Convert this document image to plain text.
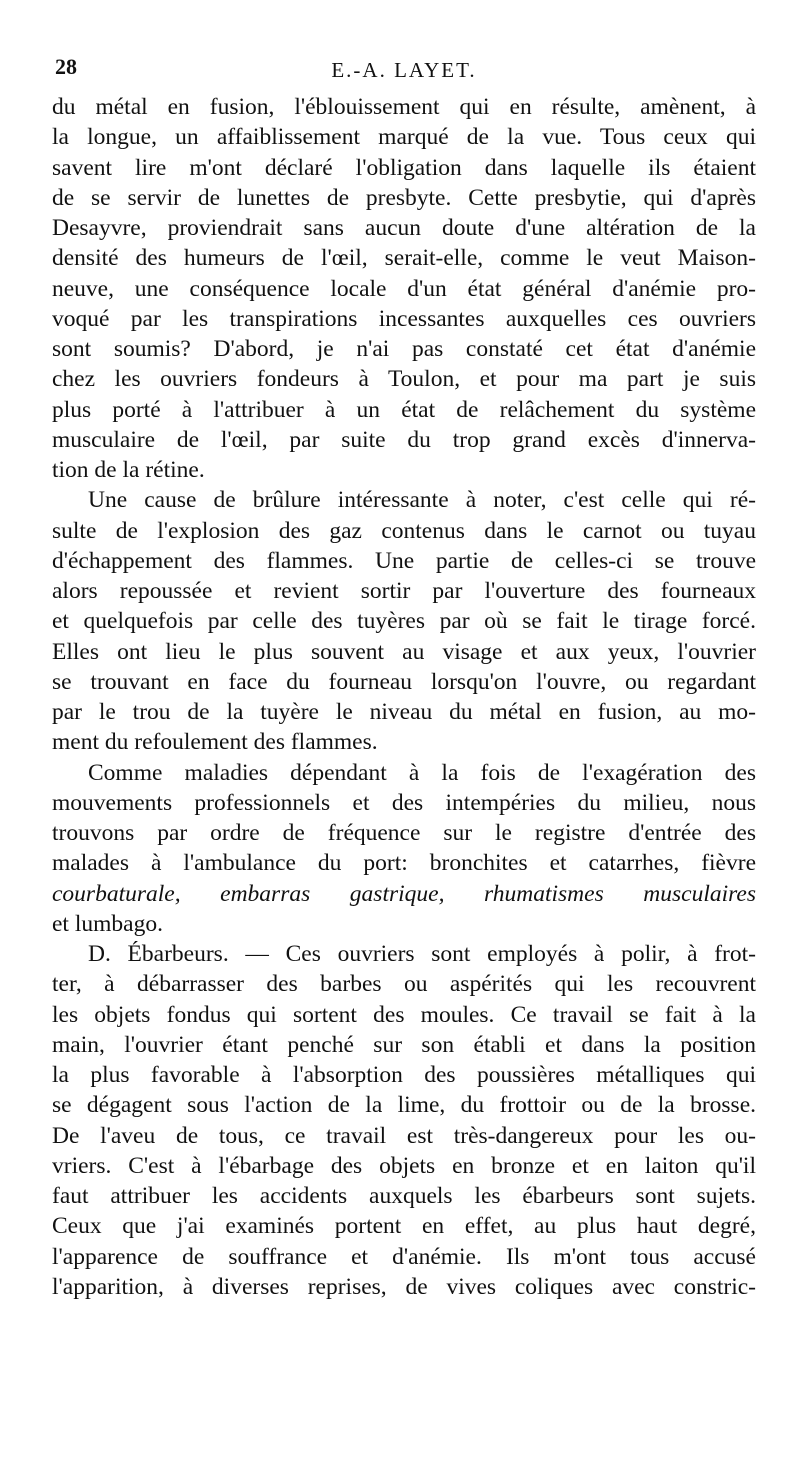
28	E.-A. LAYET.
du métal en fusion, l'éblouissement qui en résulte, amènent, à
la longue, un affaiblissement marqué de la vue. Tous ceux qui
savent lire m'ont déclaré l'obligation dans laquelle ils étaient
de se servir de lunettes de presbyte. Cette presbytie, qui d'après
Desayvre, proviendrait sans aucun doute d'une altération de la
densité des humeurs de l'œil, serait-elle, comme le veut Maison-
neuve, une conséquence locale d'un état général d'anémie pro-
voqué par les transpirations incessantes auxquelles ces ouvriers
sont soumis? D'abord, je n'ai pas constaté cet état d'anémie
chez les ouvriers fondeurs à Toulon, et pour ma part je suis
plus porté à l'attribuer à un état de relâchement du système
musculaire de l'œil, par suite du trop grand excès d'innerva-
tion de la rétine.
Une cause de brûlure intéressante à noter, c'est celle qui ré-
sulte de l'explosion des gaz contenus dans le carnot ou tuyau
d'échappement des flammes. Une partie de celles-ci se trouve
alors repoussée et revient sortir par l'ouverture des fourneaux
et quelquefois par celle des tuyères par où se fait le tirage forcé.
Elles ont lieu le plus souvent au visage et aux yeux, l'ouvrier
se trouvant en face du fourneau lorsqu'on l'ouvre, ou regardant
par le trou de la tuyère le niveau du métal en fusion, au mo-
ment du refoulement des flammes.
Comme maladies dépendant à la fois de l'exagération des
mouvements professionnels et des intempéries du milieu, nous
trouvons par ordre de fréquence sur le registre d'entrée des
malades à l'ambulance du port: bronchites et catarrhes, fièvre
courbaturale, embarras gastrique, rhumatismes musculaires
et lumbago.
D. Ébarbeurs. — Ces ouvriers sont employés à polir, à frot-
ter, à débarrasser des barbes ou aspérités qui les recouvrent
les objets fondus qui sortent des moules. Ce travail se fait à la
main, l'ouvrier étant penché sur son établi et dans la position
la plus favorable à l'absorption des poussières métalliques qui
se dégagent sous l'action de la lime, du frottoir ou de la brosse.
De l'aveu de tous, ce travail est très-dangereux pour les ou-
vriers. C'est à l'ébarbage des objets en bronze et en laiton qu'il
faut attribuer les accidents auxquels les ébarbeurs sont sujets.
Ceux que j'ai examinés portent en effet, au plus haut degré,
l'apparence de souffrance et d'anémie. Ils m'ont tous accusé
l'apparition, à diverses reprises, de vives coliques avec constric-
